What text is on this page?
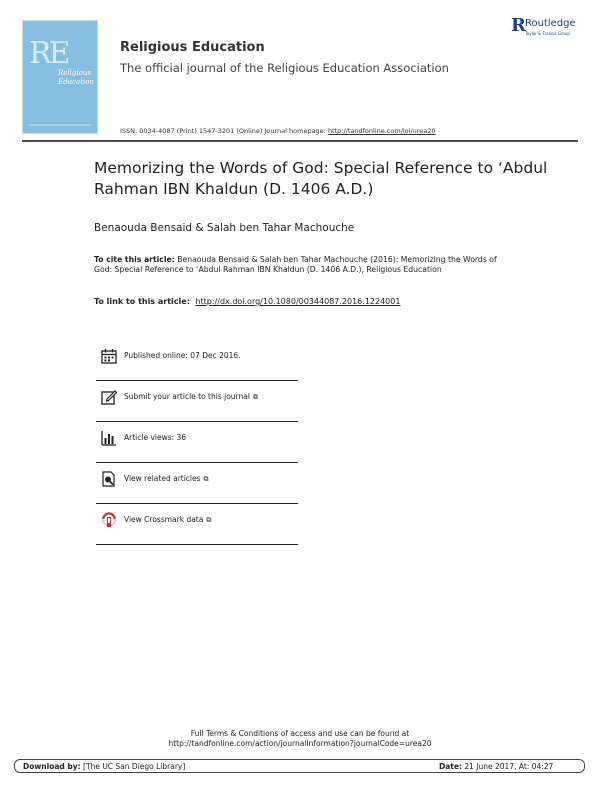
RE
Religious
Education
Religious Education
The official journal of the Religious Education Association
ISSN: 0034-4087 (Print) 1547-3201 (Online) Journal homepage: http://tandfonline.com/loi/urea20
R Routledge
Taylor & Francis Group
Memorizing the Words of God: Special Reference to ‘Abdul Rahman IBN Khaldun (D. 1406 A.D.)
Benaouda Bensaid & Salah ben Tahar Machouche
To cite this article: Benaouda Bensaid & Salah ben Tahar Machouche (2016): Memorizing the Words of God: Special Reference to ‘Abdul Rahman IBN Khaldun (D. 1406 A.D.), Religious Education
To link to this article: http://dx.doi.org/10.1080/00344087.2016.1224001
Published online: 07 Dec 2016.
Submit your article to this journal ⧉
Article views: 36
View related articles ⧉
View Crossmark data ⧉
Full Terms & Conditions of access and use can be found at
http://tandfonline.com/action/journalInformation?journalCode=urea20
Download by: [The UC San Diego Library]	Date: 21 June 2017, At: 04:27
